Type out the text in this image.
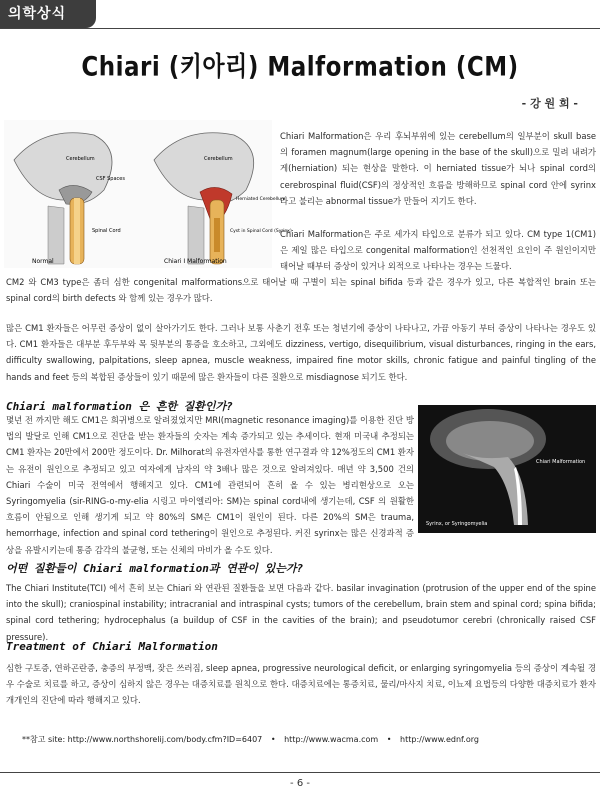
의학상식
Chiari (키아리) Malformation (CM)
- 강 원 희 -
Cerebellum
CSF Spaces
Spinal Cord
Normal
Cerebellum
Herniated Cerebellum
Cyst in Spinal Cord (Syrinx)
Chiari I Malformation

Chiari Malformation은 우리 후뇌부위에 있는 cerebellum의 일부분이 skull base의 foramen magnum(large opening in the base of the skull)으로 밀려 내려가게(herniation) 되는 현상을 말한다. 이 herniated tissue가 뇌나 spinal cord의 cerebrospinal fluid(CSF)의 정상적인 흐름을 방해하므로 spinal cord 안에 syrinx 라고 불리는 abnormal tissue가 만들어 지기도 한다.

Chiari Malformation은 주로 세가지 타입으로 분류가 되고 있다. CM type 1(CM1)은 제일 많은 타입으로 congenital malformation인 선천적인 요인이 주 원인이지만 태어날 때부터 증상이 있거나 외적으로 나타나는 경우는 드물다.

CM2 와 CM3 type은 좀더 심한 congenital malformations으로 태어날 때 구별이 되는 spinal bifida 등과 같은 경우가 있고, 다른 복합적인 brain 또는 spinal cord의 birth defects 와 함께 있는 경우가 많다.

많은 CM1 환자들은 어무런 증상이 없이 살아가기도 한다. 그러나 보통 사춘기 전후 또는 청년기에 증상이 나타나고, 가끔 아동기 부터 증상이 나타나는 경우도 있다. CM1 환자들은 대부분 후두부와 목 뒷부분의 통증을 호소하고, 그외에도 dizziness, vertigo, disequilibrium, visual disturbances, ringing in the ears, difficulty swallowing, palpitations, sleep apnea, muscle weakness, impaired fine motor skills, chronic fatigue and painful tingling of the hands and feet 등의 복합된 증상들이 있기 때문에 많은 환자들이 다른 질환으로 misdiagnose 되기도 한다.

Chiari malformation 은 흔한 질환인가?
Chiari Malformation
Syrinx, or Syringomyelia

몇년 전 까지만 해도 CM1은 희귀병으로 알려졌었지만 MRI(magnetic resonance imaging)를 이용한 진단 방법의 발달로 인해 CM1으로 진단을 받는 환자들의 숫자는 계속 증가되고 있는 추세이다. 현재 미국내 추정되는 CM1 환자는 20만에서 200만 정도이다. Dr. Milhorat의 유전자연사를 통한 연구결과 약 12%정도의 CM1 환자는 유전이 원인으로 추정되고 있고 여자에게 남자의 약 3배나 많은 것으로 알려져있다. 매년 약 3,500 건의 Chiari 수술이 미국 전역에서 행해지고 있다. CM1에 관련되어 흔히 올 수 있는 병리현상으로 오는 Syringomyelia (sir-RING-o-my-elia 시링고 마이엘리아: SM)는 spinal cord내에 생기는데, CSF 의 원활한 흐름이 안됨으로 인해 생기게 되고 약 80%의 SM은 CM1이 원인이 된다. 다른 20%의 SM은 trauma, hemorrhage, infection and spinal cord tethering이 원인으로 추정된다. 커진 syrinx는 많은 신경과적 증상을 유발시키는데 통증 감각의 불균형, 또는 신체의 마비가 올 수도 있다.

어떤 질환들이 Chiari malformation과 연관이 있는가?

The Chiari Institute(TCI) 에서 흔히 보는 Chiari 와 연관된 질환들을 보면 다음과 같다. basilar invagination (protrusion of the upper end of the spine into the skull); craniospinal instability; intracranial and intraspinal cysts; tumors of the cerebellum, brain stem and spinal cord; spina bifida; spinal cord tethering; hydrocephalus (a buildup of CSF in the cavities of the brain); and pseudotumor cerebri (chronically raised CSF pressure).

Treatment of Chiari Malformation

심한 구토증, 연하곤란증, 충증의 부정맥, 잦은 쓰러짐, sleep apnea, progressive neurological deficit, or enlarging syringomyelia 등의 증상이 계속될 경우 수술로 치료를 하고, 증상이 심하지 않은 경우는 대증치료를 원칙으로 한다. 대증치료에는 통증치료, 물리/마사지 치료, 이뇨제 요법등의 다양한 대증치료가 환자 개개인의 진단에 따라 행해지고 있다.

**참고 site: http://www.northshorelij.com/body.cfm?ID=6407 • http://www.wacma.com • http://www.ednf.org
- 6 -
